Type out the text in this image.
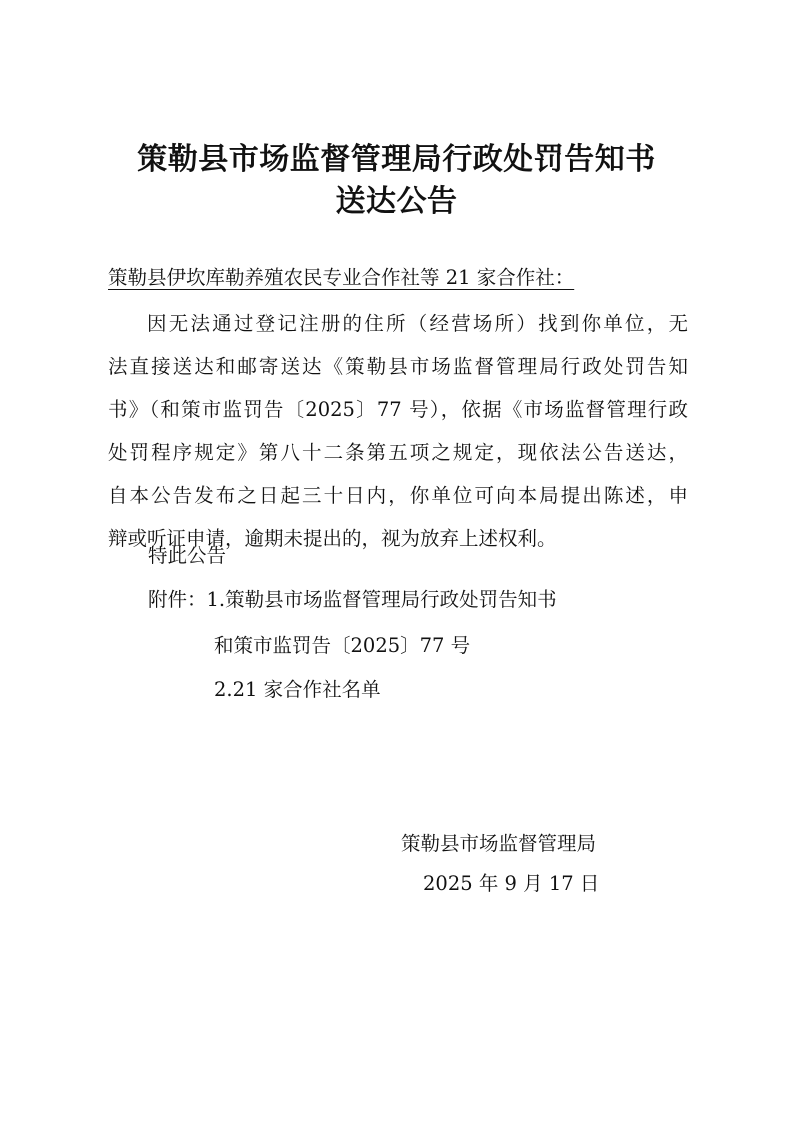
策勒县市场监督管理局行政处罚告知书
送达公告
策勒县伊坎库勒养殖农民专业合作社等 21 家合作社：
因无法通过登记注册的住所（经营场所）找到你单位，无
法直接送达和邮寄送达《策勒县市场监督管理局行政处罚告知
书》（和策市监罚告〔2025〕77 号），依据《市场监督管理行政
处罚程序规定》第八十二条第五项之规定，现依法公告送达，
自本公告发布之日起三十日内，你单位可向本局提出陈述，申
辩或听证申请，逾期未提出的，视为放弃上述权利。
特此公告
附件：1.策勒县市场监督管理局行政处罚告知书
和策市监罚告〔2025〕77 号
2.21 家合作社名单
策勒县市场监督管理局
2025 年 9 月 17 日
